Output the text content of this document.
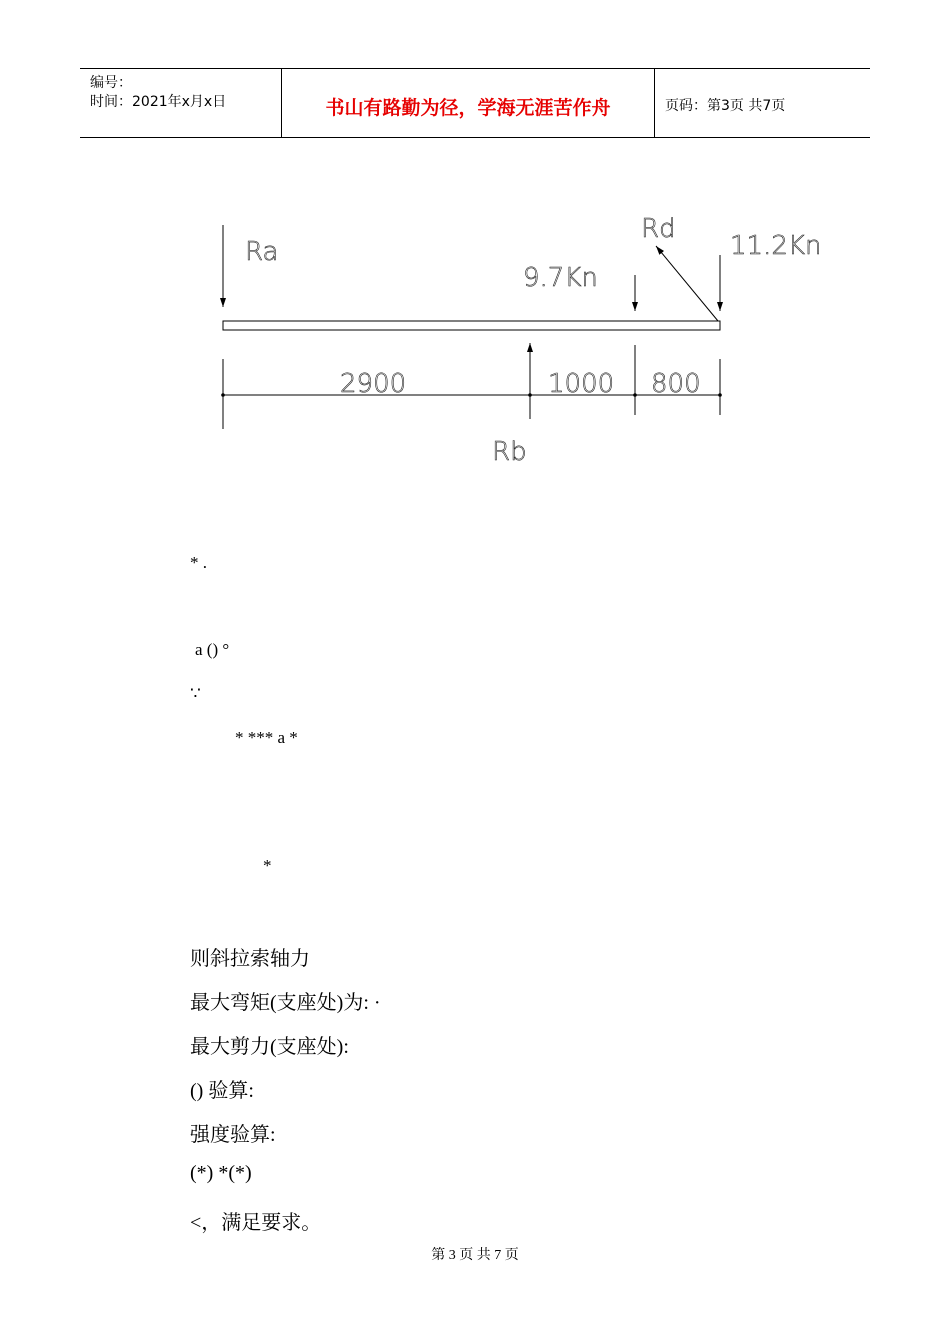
编号：
时间：2021年x月x日	书山有路勤为径，学海无涯苦作舟	页码：第3页 共7页
Ra
Rd
11.2Kn
9.7Kn
2900	1000 800
Rb
* .
a () °
∵
* *** a *
*
则斜拉索轴力
最大弯矩(支座处)为: ·
最大剪力(支座处):
() 验算:
强度验算:
(*) *(*)
<，满足要求。
第 3 页 共 7 页
